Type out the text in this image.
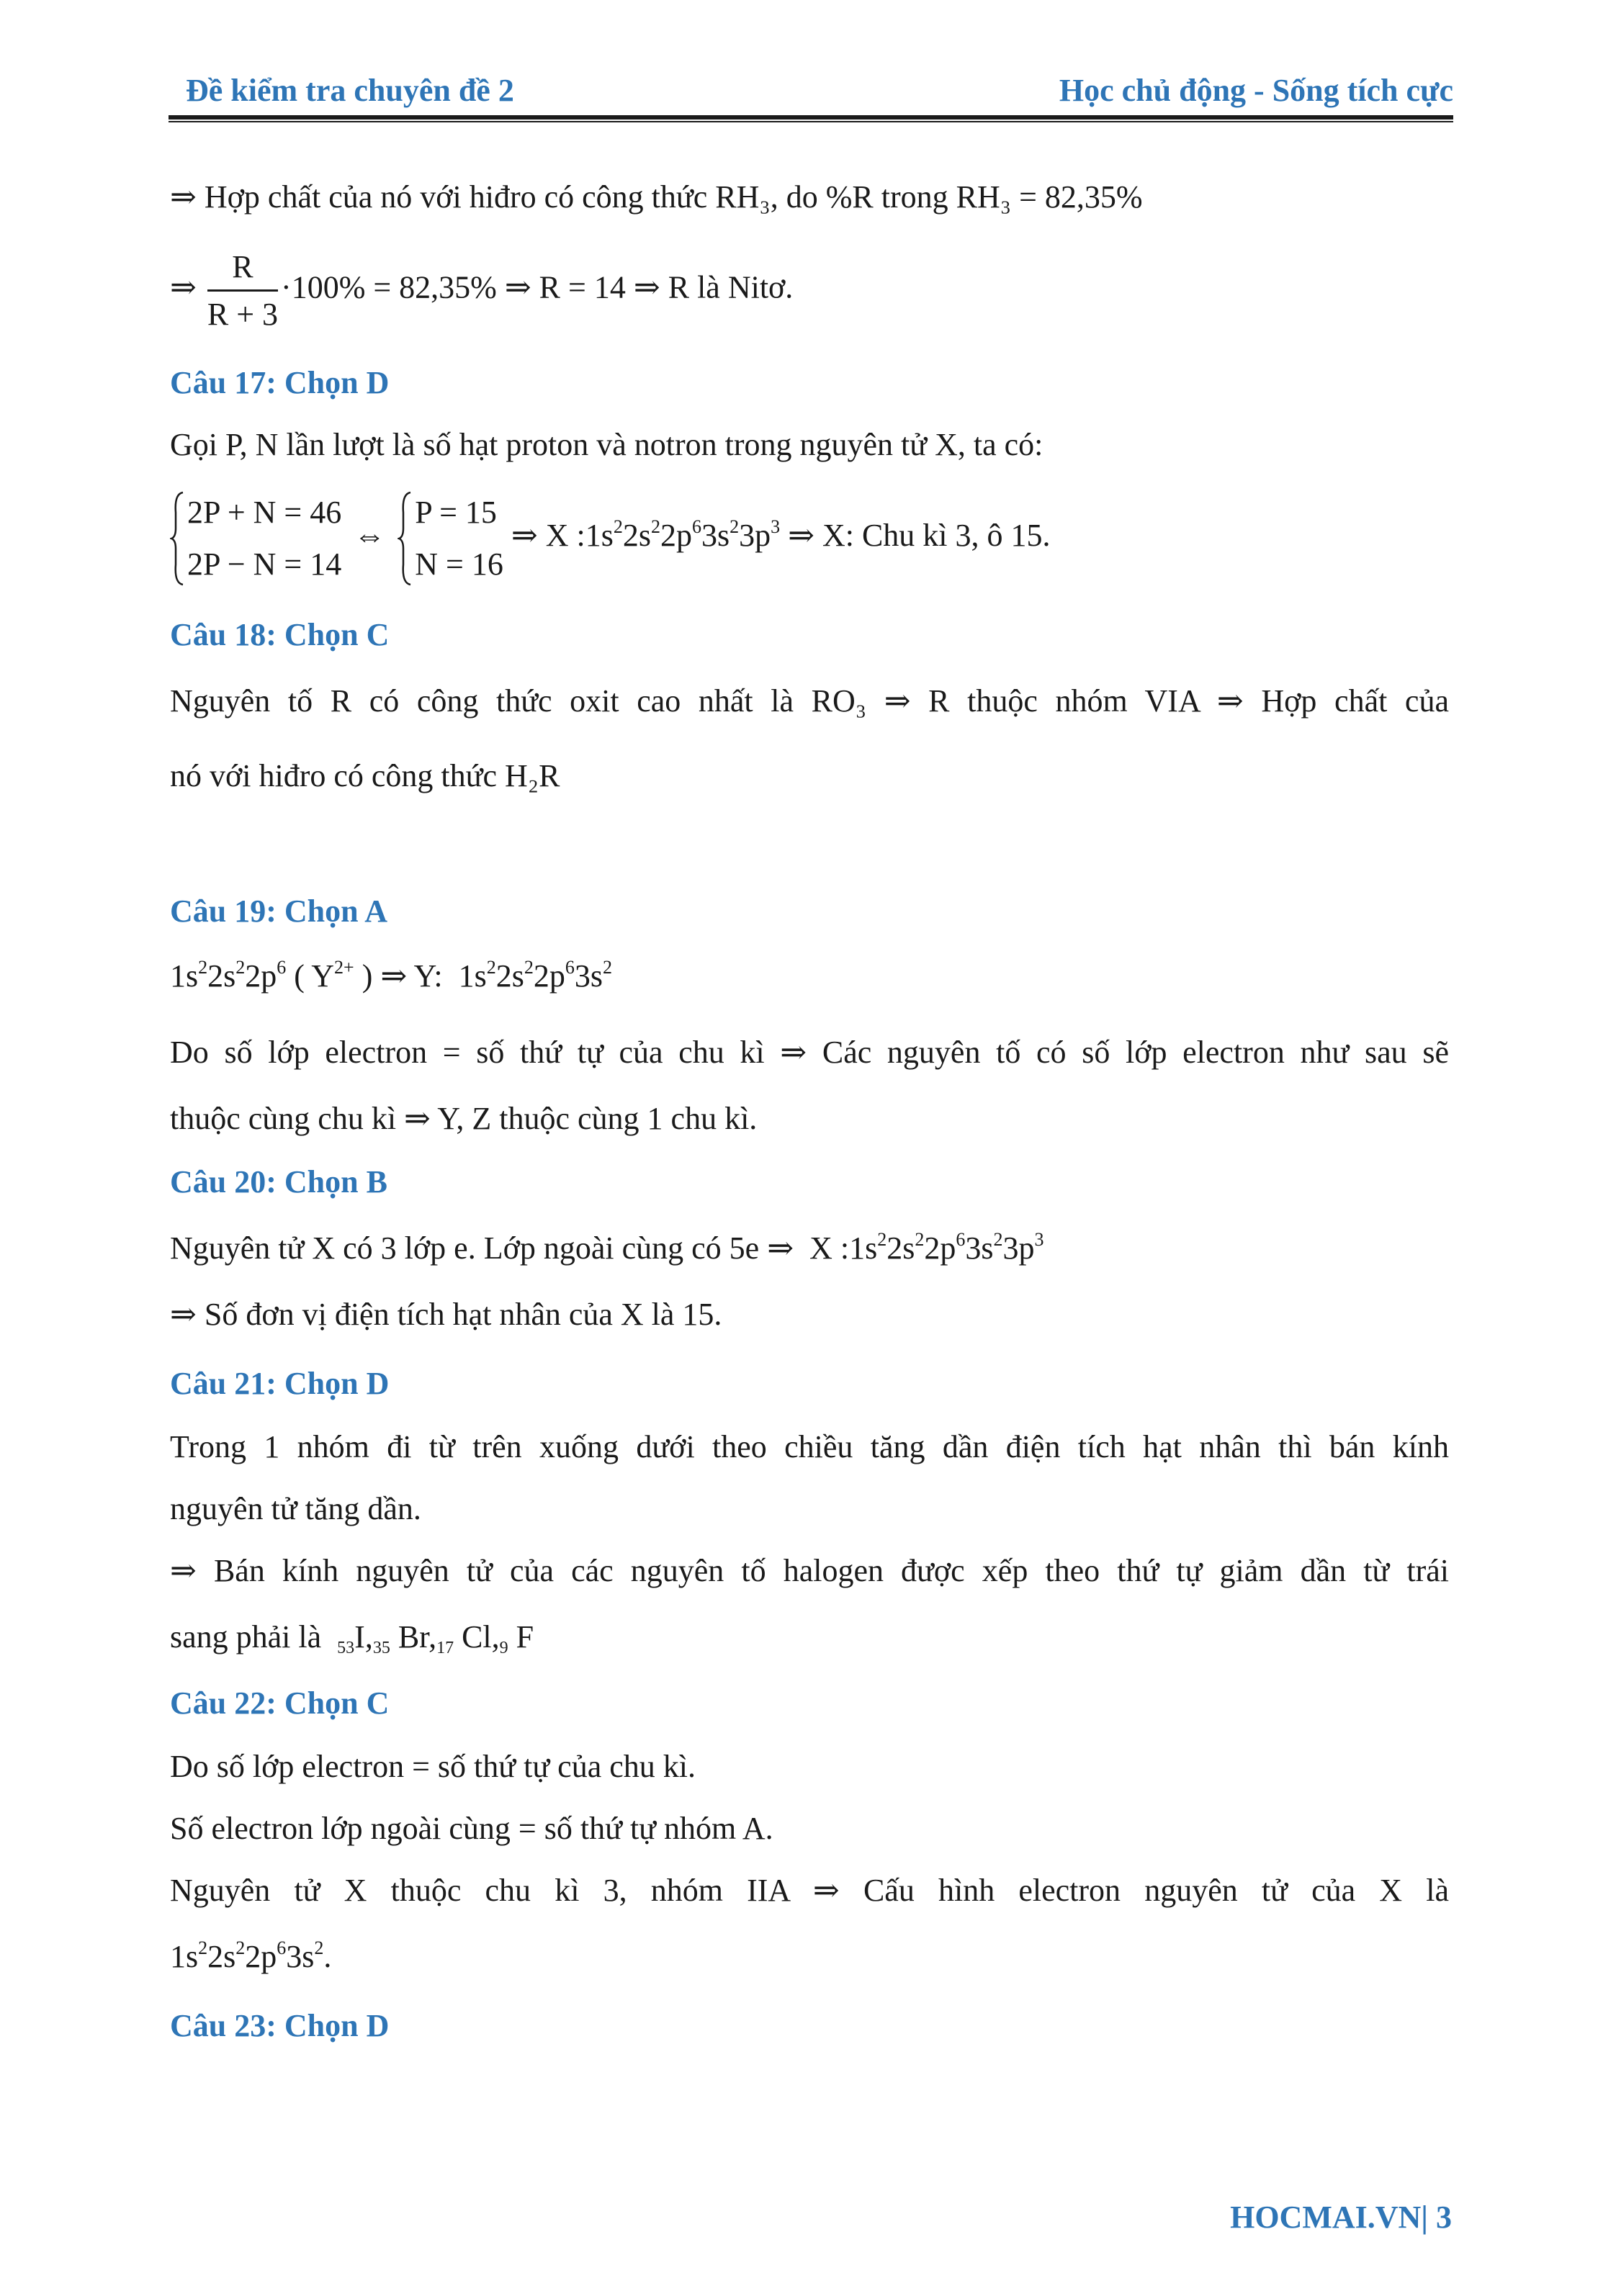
Đề kiểm tra chuyên đề 2	Học chủ động - Sống tích cực
⇒ Hợp chất của nó với hiđro có công thức RH₃, do %R trong RH₃ = 82,35%
⇒ $\frac{R}{R + 3} \cdot 100\% = 82,35\%$ ⇒ R = 14 ⇒ R là Nitơ.
Câu 17: Chọn D
Gọi P, N lần lượt là số hạt proton và notron trong nguyên tử X, ta có:
2P + N = 46
2P − N = 14
⇔
P = 15
N = 16
⇒ X $:1s^22s^22p^63s^23p^3$ ⇒ X: Chu kì 3, ô 15.
Câu 18: Chọn C
Nguyên tố R có công thức oxit cao nhất là RO₃ ⇒ R thuộc nhóm VIA ⇒ Hợp chất của
nó với hiđro có công thức H₂R
Câu 19: Chọn A
$1s^22s^22p^6$ ( $Y^{2+}$ ) ⇒ Y:  $1s^22s^22p^63s^2$
Do số lớp electron = số thứ tự của chu kì ⇒ Các nguyên tố có số lớp electron như sau sẽ
thuộc cùng chu kì ⇒ Y, Z thuộc cùng 1 chu kì.
Câu 20: Chọn B
Nguyên tử X có 3 lớp e. Lớp ngoài cùng có 5e ⇒  X $:1s^22s^22p^63s^23p^3$
⇒ Số đơn vị điện tích hạt nhân của X là 15.
Câu 21: Chọn D
Trong 1 nhóm đi từ trên xuống dưới theo chiều tăng dần điện tích hạt nhân thì bán kính
nguyên tử tăng dần.
⇒ Bán kính nguyên tử của các nguyên tố halogen được xếp theo thứ tự giảm dần từ trái
sang phải là $_{53}I,_{35}$ $Br,_{17}$ $Cl,_9$ F
Câu 22: Chọn C
Do số lớp electron = số thứ tự của chu kì.
Số electron lớp ngoài cùng = số thứ tự nhóm A.
Nguyên tử X thuộc chu kì 3, nhóm IIA ⇒ Cấu hình electron nguyên tử của X là
$1s^22s^22p^63s^2$.
Câu 23: Chọn D
HOCMAI.VN| 3
